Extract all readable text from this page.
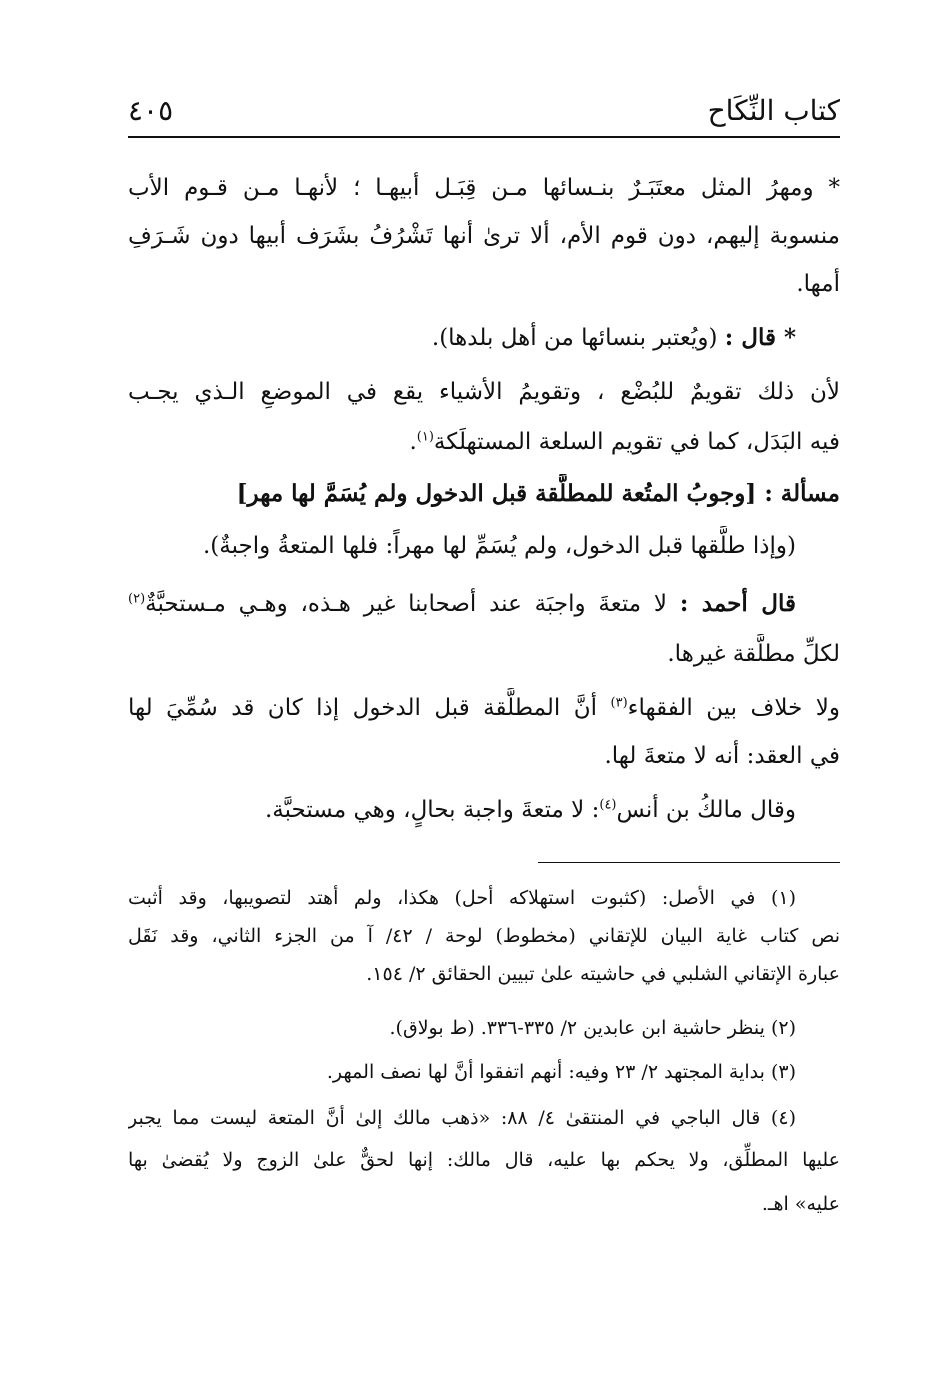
كتاب النِّكَاح
٤٠٥
* ومهرُ المثل معتَبَـرٌ بنـسائها مـن قِبَـل أبيهـا ؛ لأنهـا مـن قـوم الأب
منسوبة إليهم، دون قوم الأم، ألا ترىٰ أنها تَشْرُفُ بشَرَف أبيها دون شَـرَفِ
أمها.
* قال : (ويُعتبر بنسائها من أهل بلدها).
لأن ذلك تقويمٌ للبُضْع ، وتقويمُ الأشياء يقع في الموضعِ الـذي يجـب
فيه البَدَل، كما في تقويم السلعة المستهلَكة$^{(١)}$.
مسألة : [وجوبُ المتُعة للمطلَّقة قبل الدخول ولم يُسَمَّ لها مهر]
(وإذا طلَّقها قبل الدخول، ولم يُسَمِّ لها مهراً: فلها المتعةُ واجبةٌ).
قال أحمد : لا متعةَ واجبَة عند أصحابنا غير هـذه، وهـي مـستحبَّةٌ$^{(٢)}$
لكلِّ مطلَّقة غيرها.
ولا خلاف بين الفقهاء$^{(٣)}$ أنَّ المطلَّقة قبل الدخول إذا كان قد سُمِّيَ لها
في العقد: أنه لا متعةَ لها.
وقال مالكُ بن أنس$^{(٤)}$: لا متعةَ واجبة بحالٍ، وهي مستحبَّة.
(١) في الأصل: (كثبوت استهلاكه أحل) هكذا، ولم أهتد لتصويبها، وقد أثبت
نص كتاب غاية البيان للإتقاني (مخطوط) لوحة / ٤٢/ آ من الجزء الثاني، وقد نَقَل
عبارة الإتقاني الشلبي في حاشيته علىٰ تبيين الحقائق ٢/ ١٥٤.
(٢) ينظر حاشية ابن عابدين ٢/ ٣٣٥-٣٣٦. (ط بولاق).
(٣) بداية المجتهد ٢/ ٢٣ وفيه: أنهم اتفقوا أنَّ لها نصف المهر.
(٤) قال الباجي في المنتقىٰ ٤/ ٨٨: «ذهب مالك إلىٰ أنَّ المتعة ليست مما يجبر
عليها المطلِّق، ولا يحكم بها عليه، قال مالك: إنها لحقٌّ علىٰ الزوج ولا يُقضىٰ بها
عليه» اهـ.
